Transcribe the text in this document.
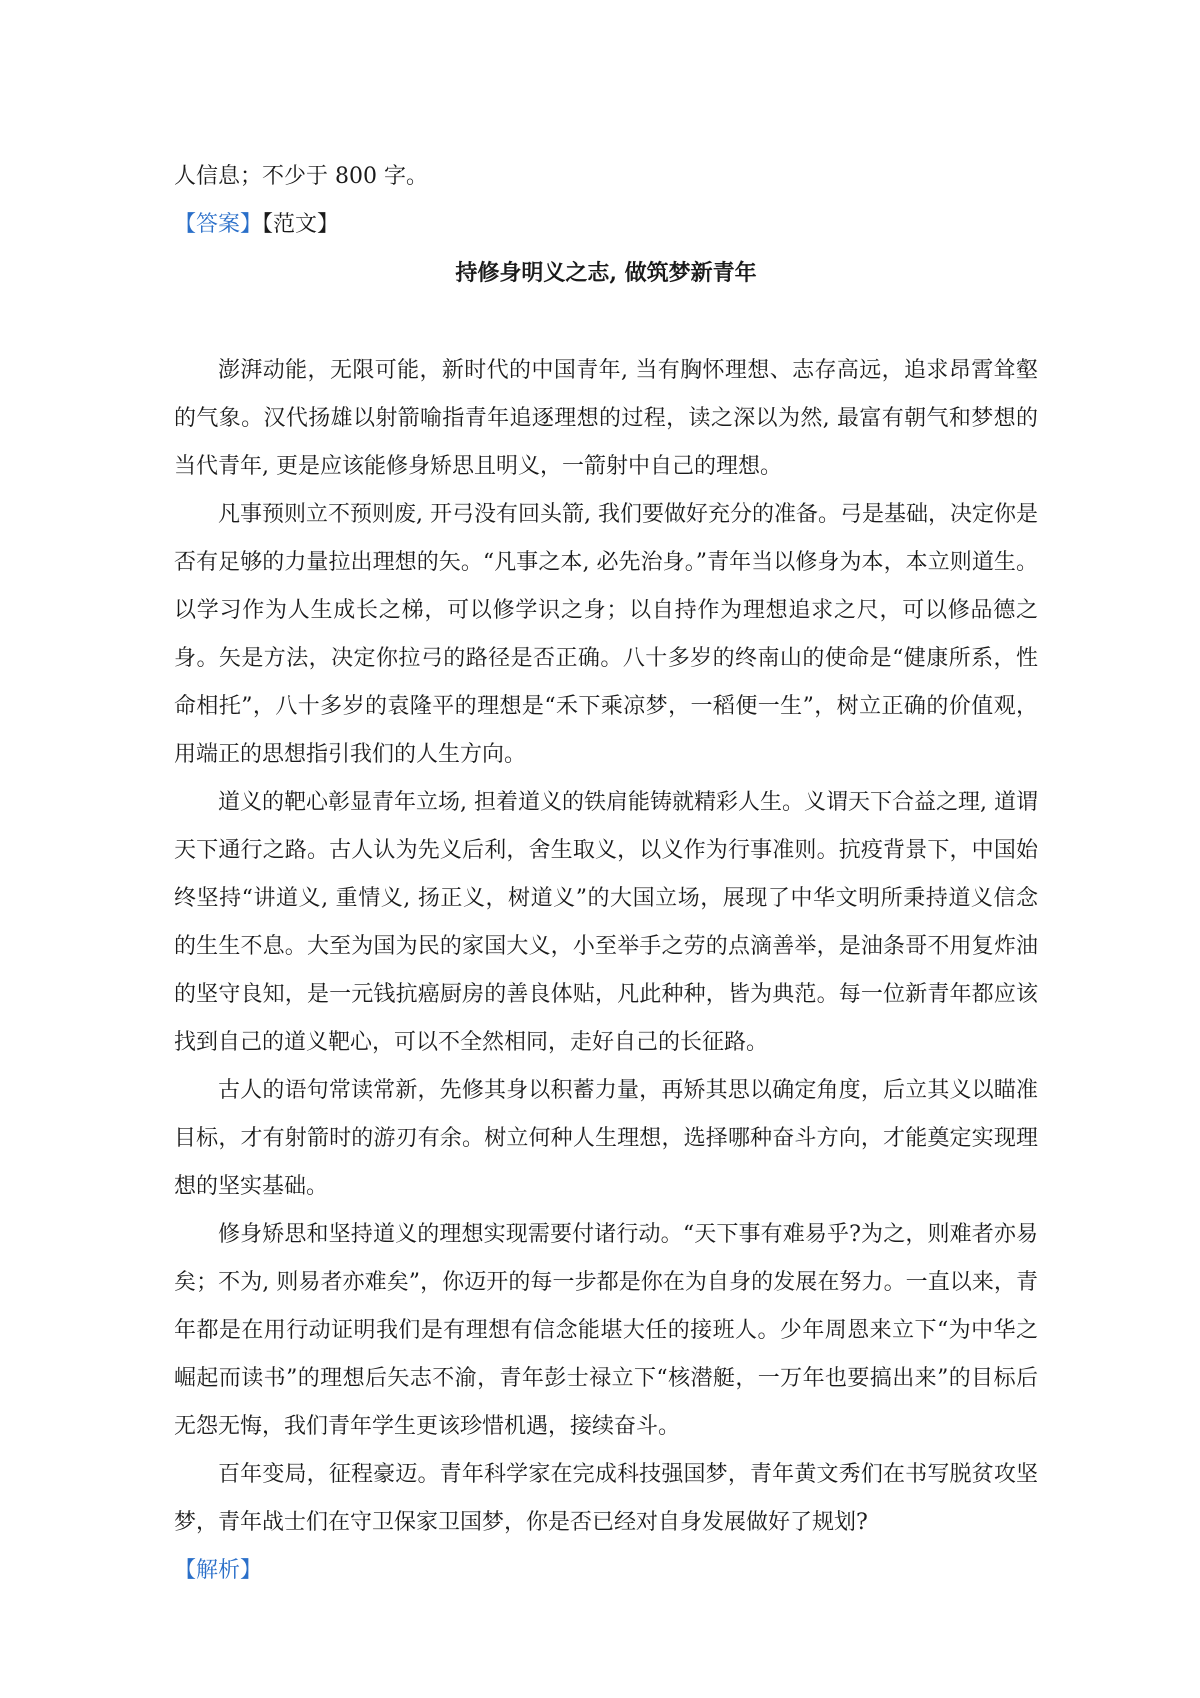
人信息；不少于 800 字。

【答案】【范文】

持修身明义之志, 做筑梦新青年

澎湃动能，无限可能，新时代的中国青年, 当有胸怀理想、志存高远，追求昂霄耸壑的气象。汉代扬雄以射箭喻指青年追逐理想的过程，读之深以为然, 最富有朝气和梦想的当代青年, 更是应该能修身矫思且明义，一箭射中自己的理想。

凡事预则立不预则废, 开弓没有回头箭, 我们要做好充分的准备。弓是基础，决定你是否有足够的力量拉出理想的矢。“凡事之本, 必先治身。”青年当以修身为本，本立则道生。以学习作为人生成长之梯，可以修学识之身；以自持作为理想追求之尺，可以修品德之身。矢是方法，决定你拉弓的路径是否正确。八十多岁的终南山的使命是“健康所系，性命相托”，八十多岁的袁隆平的理想是“禾下乘凉梦，一稻便一生”，树立正确的价值观，用端正的思想指引我们的人生方向。

道义的靶心彰显青年立场, 担着道义的铁肩能铸就精彩人生。义谓天下合益之理, 道谓天下通行之路。古人认为先义后利，舍生取义，以义作为行事准则。抗疫背景下，中国始终坚持“讲道义, 重情义, 扬正义，树道义”的大国立场，展现了中华文明所秉持道义信念的生生不息。大至为国为民的家国大义，小至举手之劳的点滴善举，是油条哥不用复炸油的坚守良知，是一元钱抗癌厨房的善良体贴，凡此种种，皆为典范。每一位新青年都应该找到自己的道义靶心，可以不全然相同，走好自己的长征路。

古人的语句常读常新，先修其身以积蓄力量，再矫其思以确定角度，后立其义以瞄准目标，才有射箭时的游刃有余。树立何种人生理想，选择哪种奋斗方向，才能奠定实现理想的坚实基础。

修身矫思和坚持道义的理想实现需要付诸行动。“天下事有难易乎?为之，则难者亦易矣；不为, 则易者亦难矣”，你迈开的每一步都是你在为自身的发展在努力。一直以来，青年都是在用行动证明我们是有理想有信念能堪大任的接班人。少年周恩来立下“为中华之崛起而读书”的理想后矢志不渝，青年彭士禄立下“核潜艇，一万年也要搞出来”的目标后无怨无悔，我们青年学生更该珍惜机遇，接续奋斗。

百年变局，征程豪迈。青年科学家在完成科技强国梦，青年黄文秀们在书写脱贫攻坚梦，青年战士们在守卫保家卫国梦，你是否已经对自身发展做好了规划?

【解析】
